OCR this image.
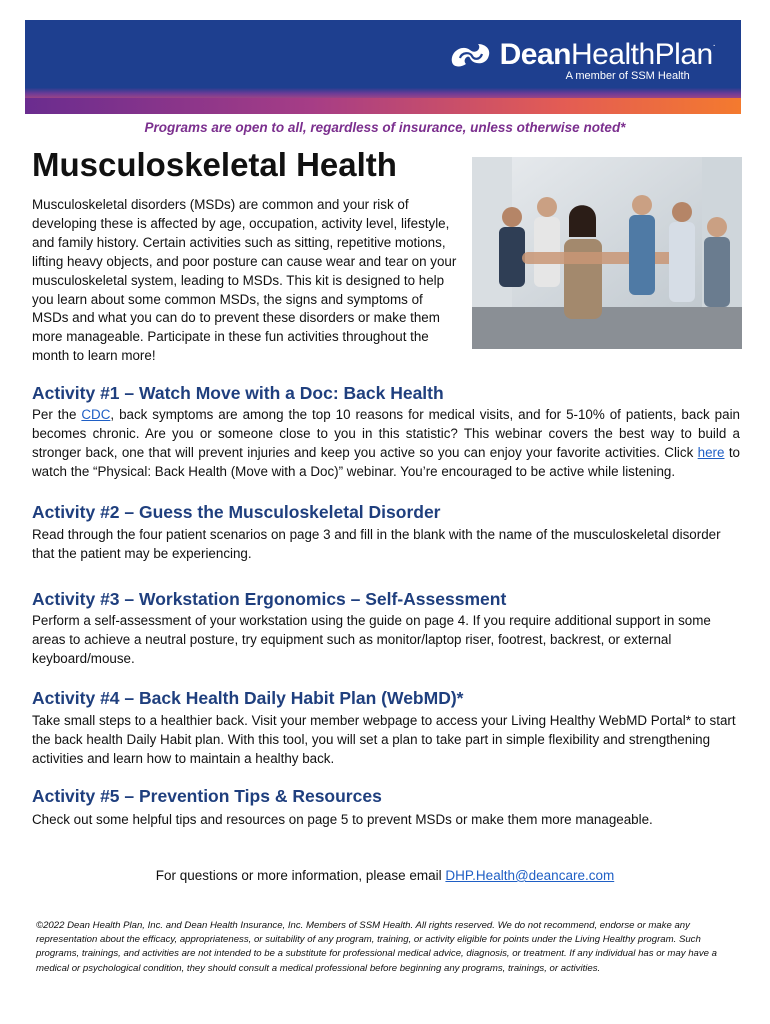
DeanHealthPlan.
A member of SSM Health
Programs are open to all, regardless of insurance, unless otherwise noted*
Musculoskeletal Health

Musculoskeletal disorders (MSDs) are common and your risk of developing these is affected by age, occupation, activity level, lifestyle, and family history. Certain activities such as sitting, repetitive motions, lifting heavy objects, and poor posture can cause wear and tear on your musculoskeletal system, leading to MSDs. This kit is designed to help you learn about some common MSDs, the signs and symptoms of MSDs and what you can do to prevent these disorders or make them more manageable. Participate in these fun activities throughout the month to learn more!

Activity #1 – Watch Move with a Doc: Back Health

Per the CDC, back symptoms are among the top 10 reasons for medical visits, and for 5-10% of patients, back pain becomes chronic. Are you or someone close to you in this statistic? This webinar covers the best way to build a stronger back, one that will prevent injuries and keep you active so you can enjoy your favorite activities. Click here to watch the “Physical: Back Health (Move with a Doc)” webinar. You’re encouraged to be active while listening.

Activity #2 – Guess the Musculoskeletal Disorder

Read through the four patient scenarios on page 3 and fill in the blank with the name of the musculoskeletal disorder that the patient may be experiencing.

Activity #3 – Workstation Ergonomics – Self-Assessment

Perform a self-assessment of your workstation using the guide on page 4. If you require additional support in some areas to achieve a neutral posture, try equipment such as monitor/laptop riser, footrest, backrest, or external keyboard/mouse.

Activity #4 – Back Health Daily Habit Plan (WebMD)*

Take small steps to a healthier back. Visit your member webpage to access your Living Healthy WebMD Portal* to start the back health Daily Habit plan. With this tool, you will set a plan to take part in simple flexibility and strengthening activities and learn how to maintain a healthy back.

Activity #5 – Prevention Tips & Resources

Check out some helpful tips and resources on page 5 to prevent MSDs or make them more manageable.

For questions or more information, please email DHP.Health@deancare.com

©2022 Dean Health Plan, Inc. and Dean Health Insurance, Inc. Members of SSM Health. All rights reserved. We do not recommend, endorse or make any representation about the efficacy, appropriateness, or suitability of any program, training, or activity eligible for points under the Living Healthy program. Such programs, trainings, and activities are not intended to be a substitute for professional medical advice, diagnosis, or treatment. If any individual has or may have a medical or psychological condition, they should consult a medical professional before beginning any programs, trainings, or activities.
